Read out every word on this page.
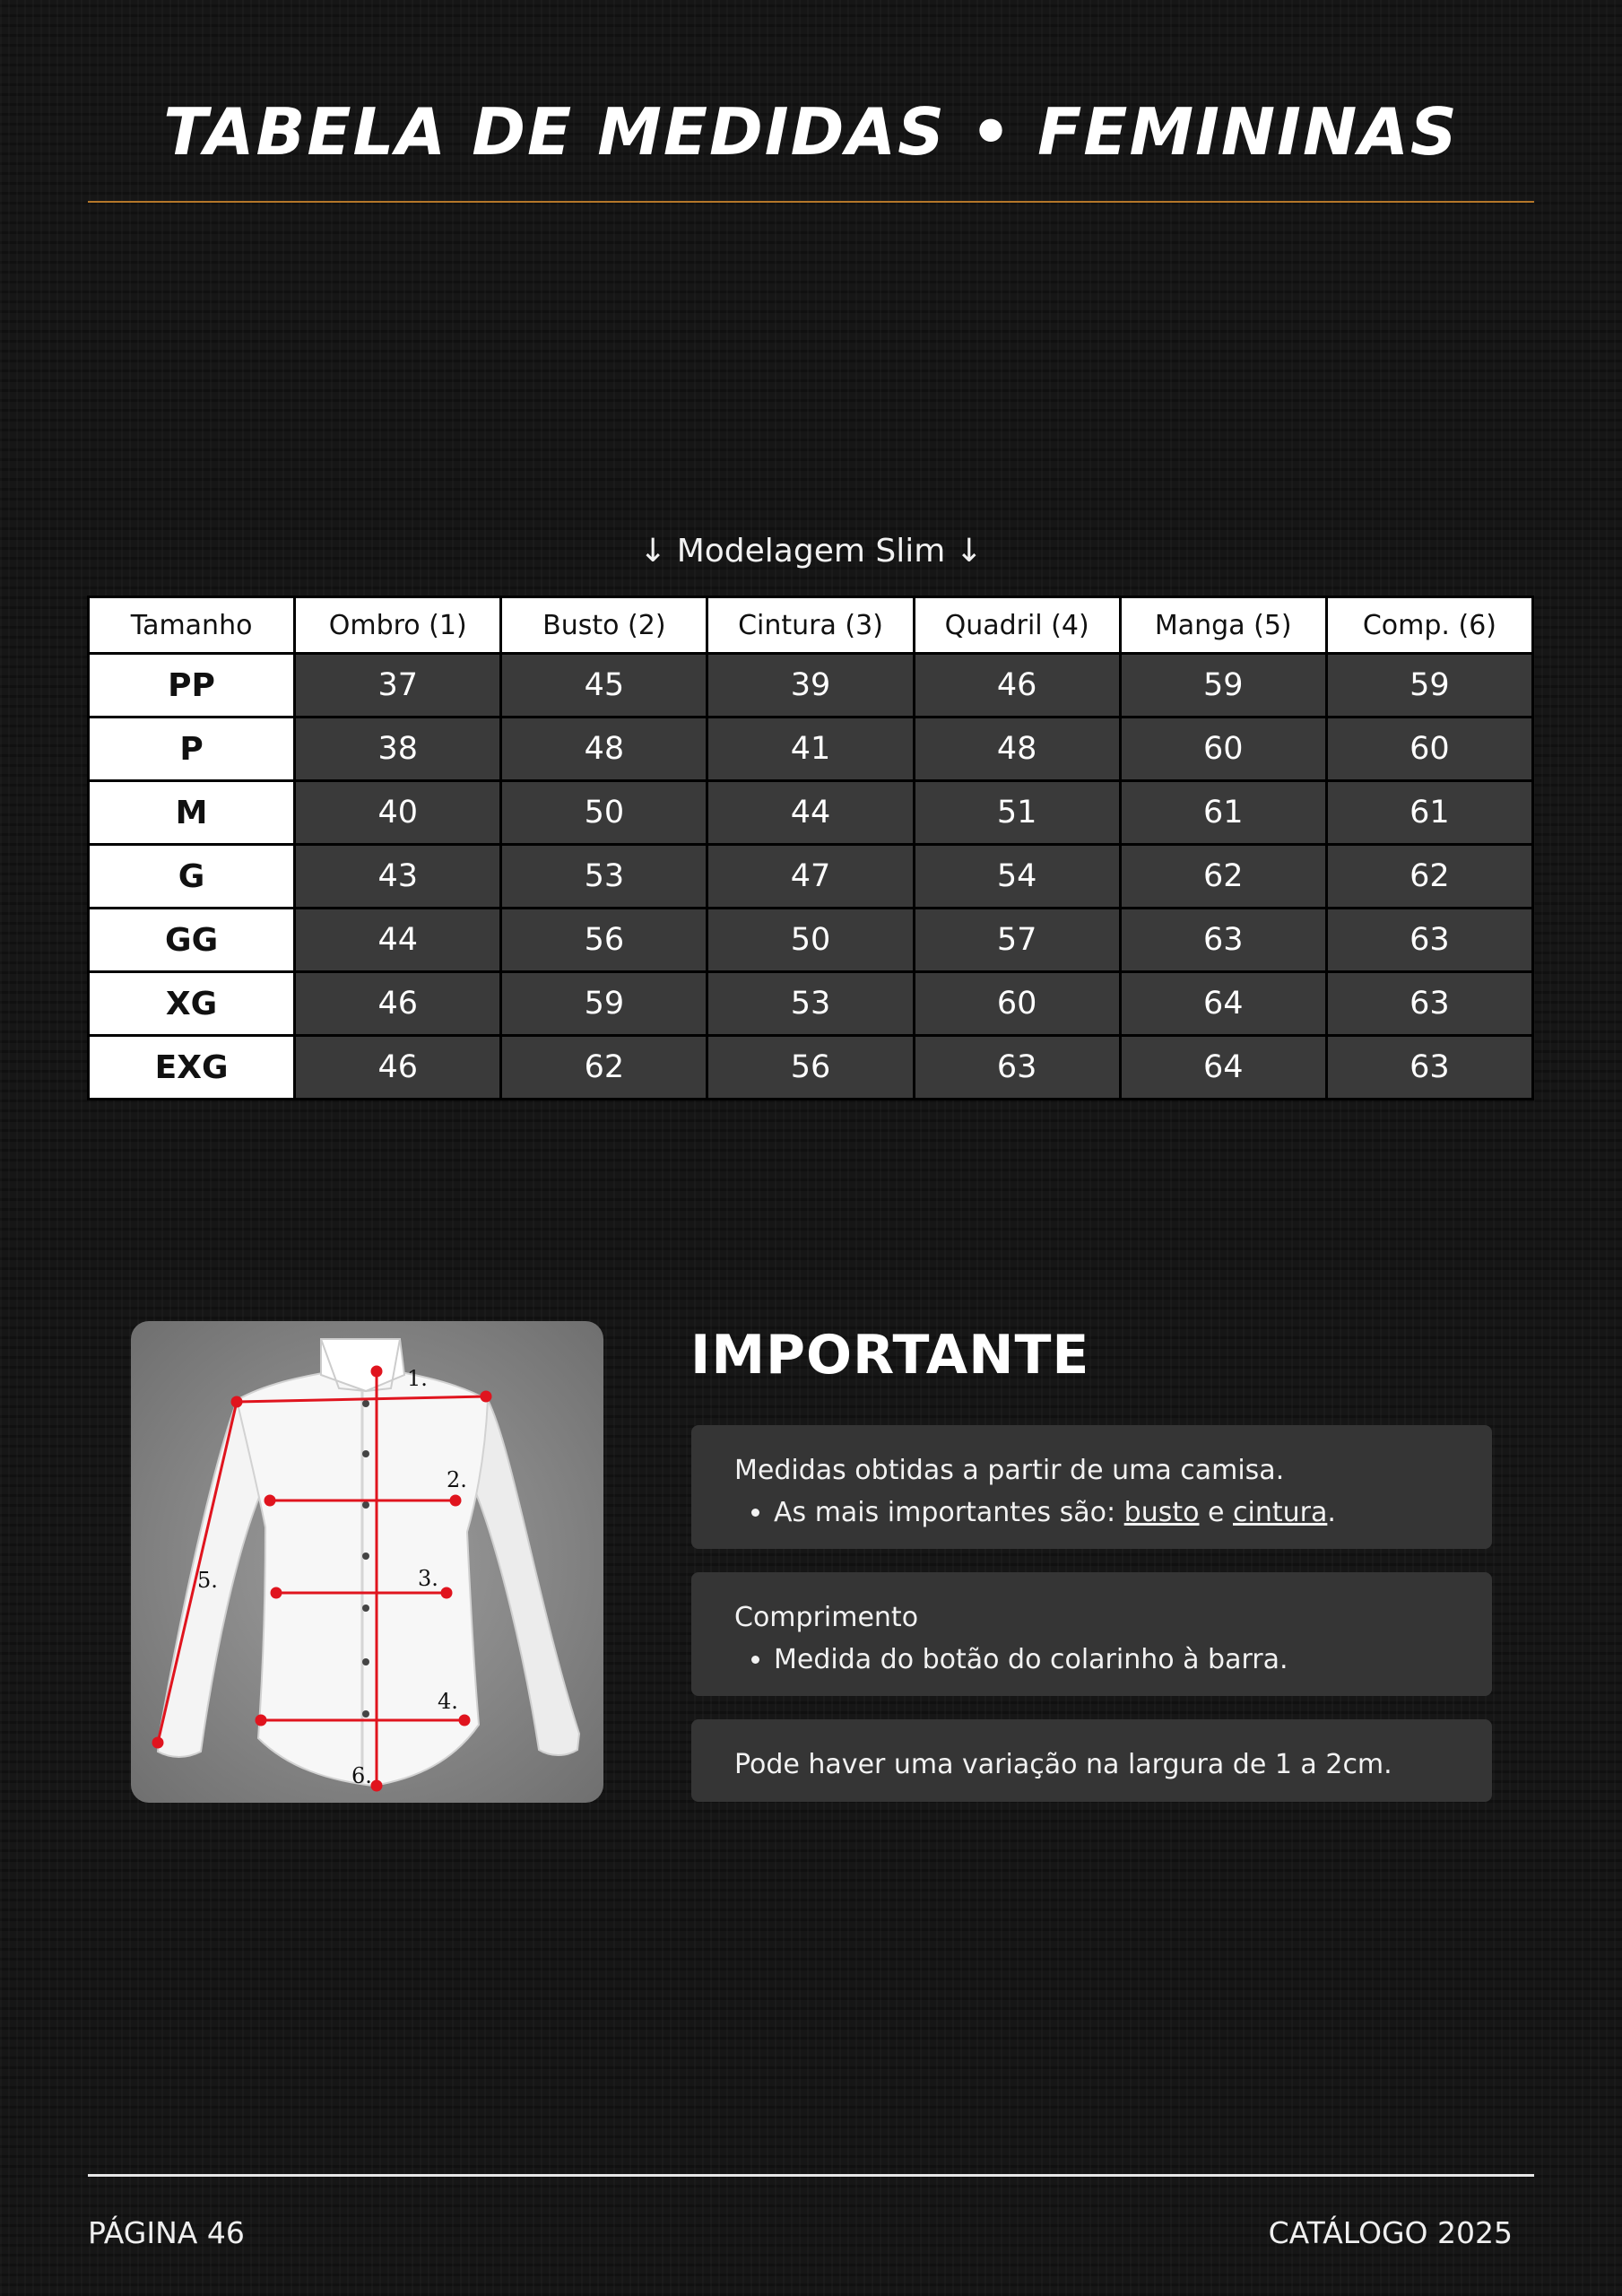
TABELA DE MEDIDAS • FEMININAS
↓ Modelagem Slim ↓
Tamanho	Ombro (1)	Busto (2)	Cintura (3)	Quadril (4)	Manga (5)	Comp. (6)
PP	37	45	39	46	59	59
P	38	48	41	48	60	60
M	40	50	44	51	61	61
G	43	53	47	54	62	62
GG	44	56	50	57	63	63
XG	46	59	53	60	64	63
EXG	46	62	56	63	64	63
1.
2.
3.
4.
5.
6.
IMPORTANTE
Medidas obtidas a partir de uma camisa.
• As mais importantes são: busto e cintura.
Comprimento
• Medida do botão do colarinho à barra.
Pode haver uma variação na largura de 1 a 2cm.
PÁGINA 46	CATÁLOGO 2025
